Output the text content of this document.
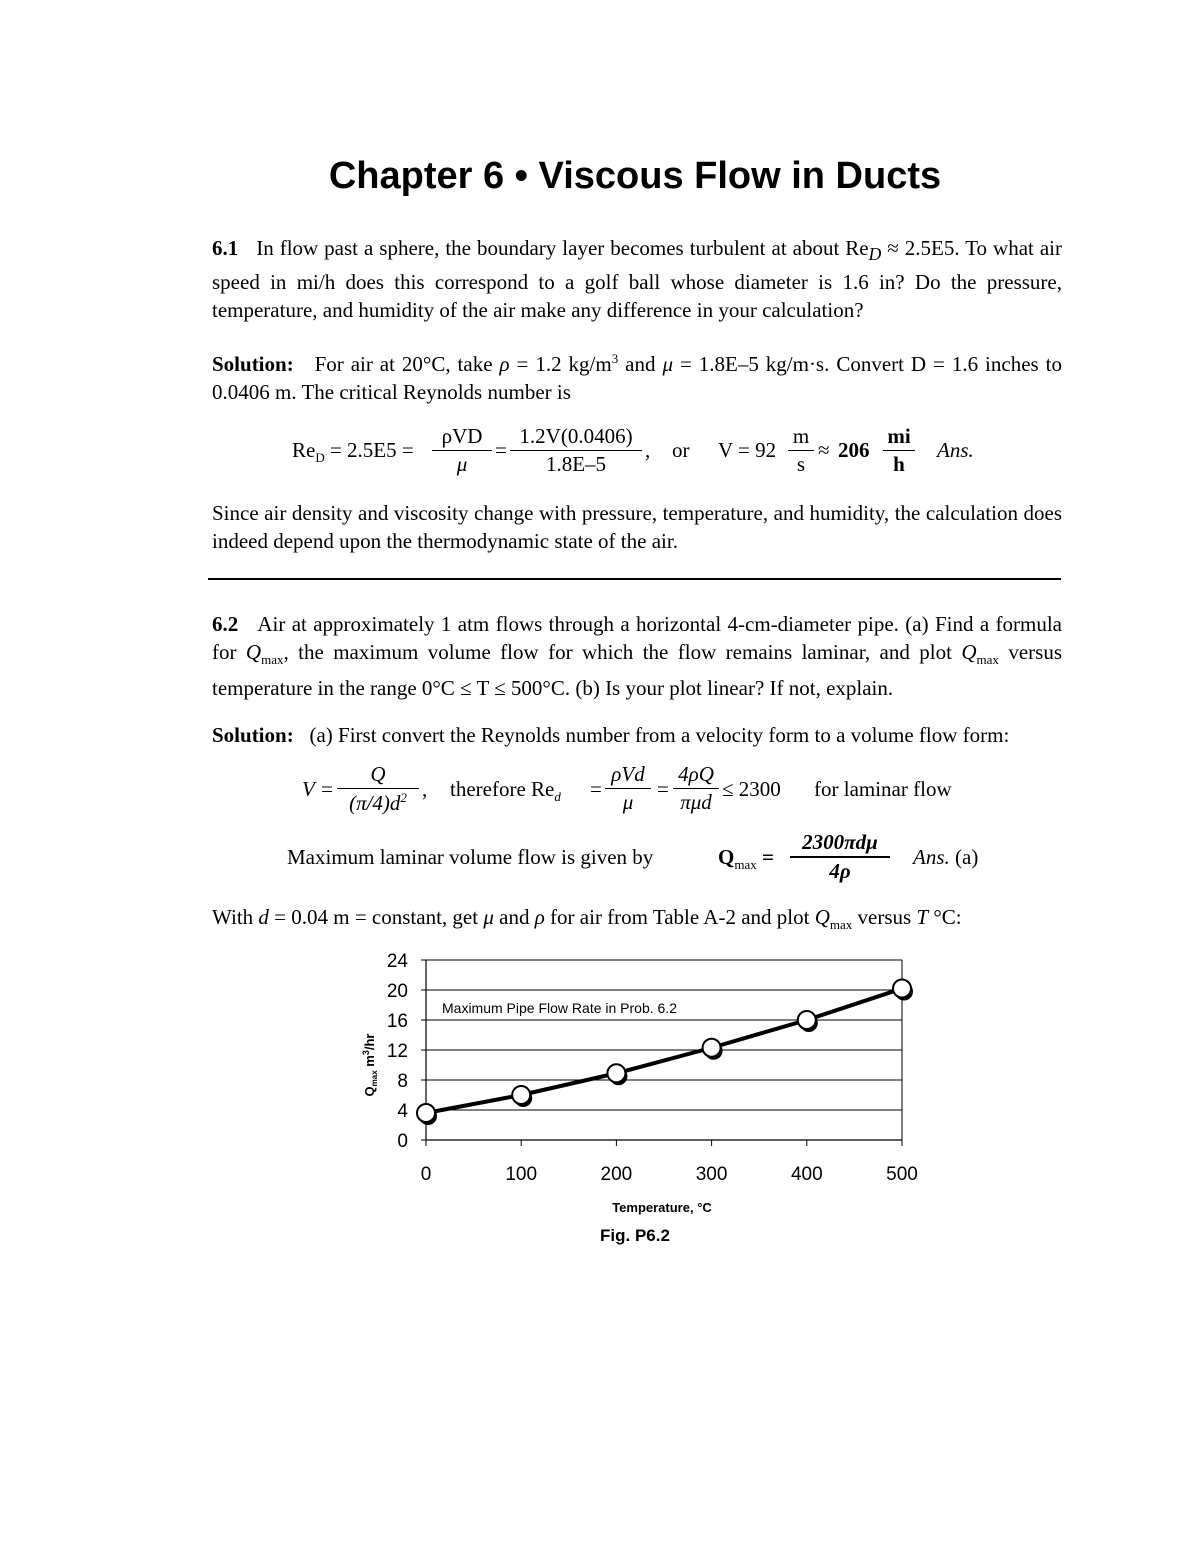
Chapter 6 • Viscous Flow in Ducts
6.1 In flow past a sphere, the boundary layer becomes turbulent at about $Re_D \approx 2.5E5$. To what air speed in mi/h does this correspond to a golf ball whose diameter is 1.6 in? Do the pressure, temperature, and humidity of the air make any difference in your calculation?
Solution: For air at 20°C, take ρ = 1.2 $kg/m^3$ and μ = 1.8E–5 kg/m·s. Convert D = 1.6 inches to 0.0406 m. The critical Reynolds number is
$Re_D = 2.5E5$ =
ρVD
μ
=
1.2V(0.0406)
1.8E–5
, or V = 92
m
s
≈ 206
mi
h
Ans.
Since air density and viscosity change with pressure, temperature, and humidity, the calculation does indeed depend upon the thermodynamic state of the air.
6.2 Air at approximately 1 atm flows through a horizontal 4-cm-diameter pipe. (a) Find a formula for $Q_{max}$, the maximum volume flow for which the flow remains laminar, and plot $Q_{max}$ versus temperature in the range 0°C ≤ T ≤ 500°C. (b) Is your plot linear? If not, explain.
Solution: (a) First convert the Reynolds number from a velocity form to a volume flow form:
V =
Q
$(\pi/4)d^2$ , therefore $Re_d$ =
ρVd
μ
=
4ρQ
πμd
≤ 2300 for laminar flow
Maximum laminar volume flow is given by	$Q_{max}$ =
2300πdμ
4ρ
Ans. (a)
With d = 0.04 m = constant, get μ and ρ for air from Table A-2 and plot $Q_{max}$ versus T °C:
0
4
8
12
16
20
24
0	100	200	300	400	500
Maximum Pipe Flow Rate in Prob. 6.2
Temperature, °C
$Q_{max}$ $m^3/hr$
Fig. P6.2
